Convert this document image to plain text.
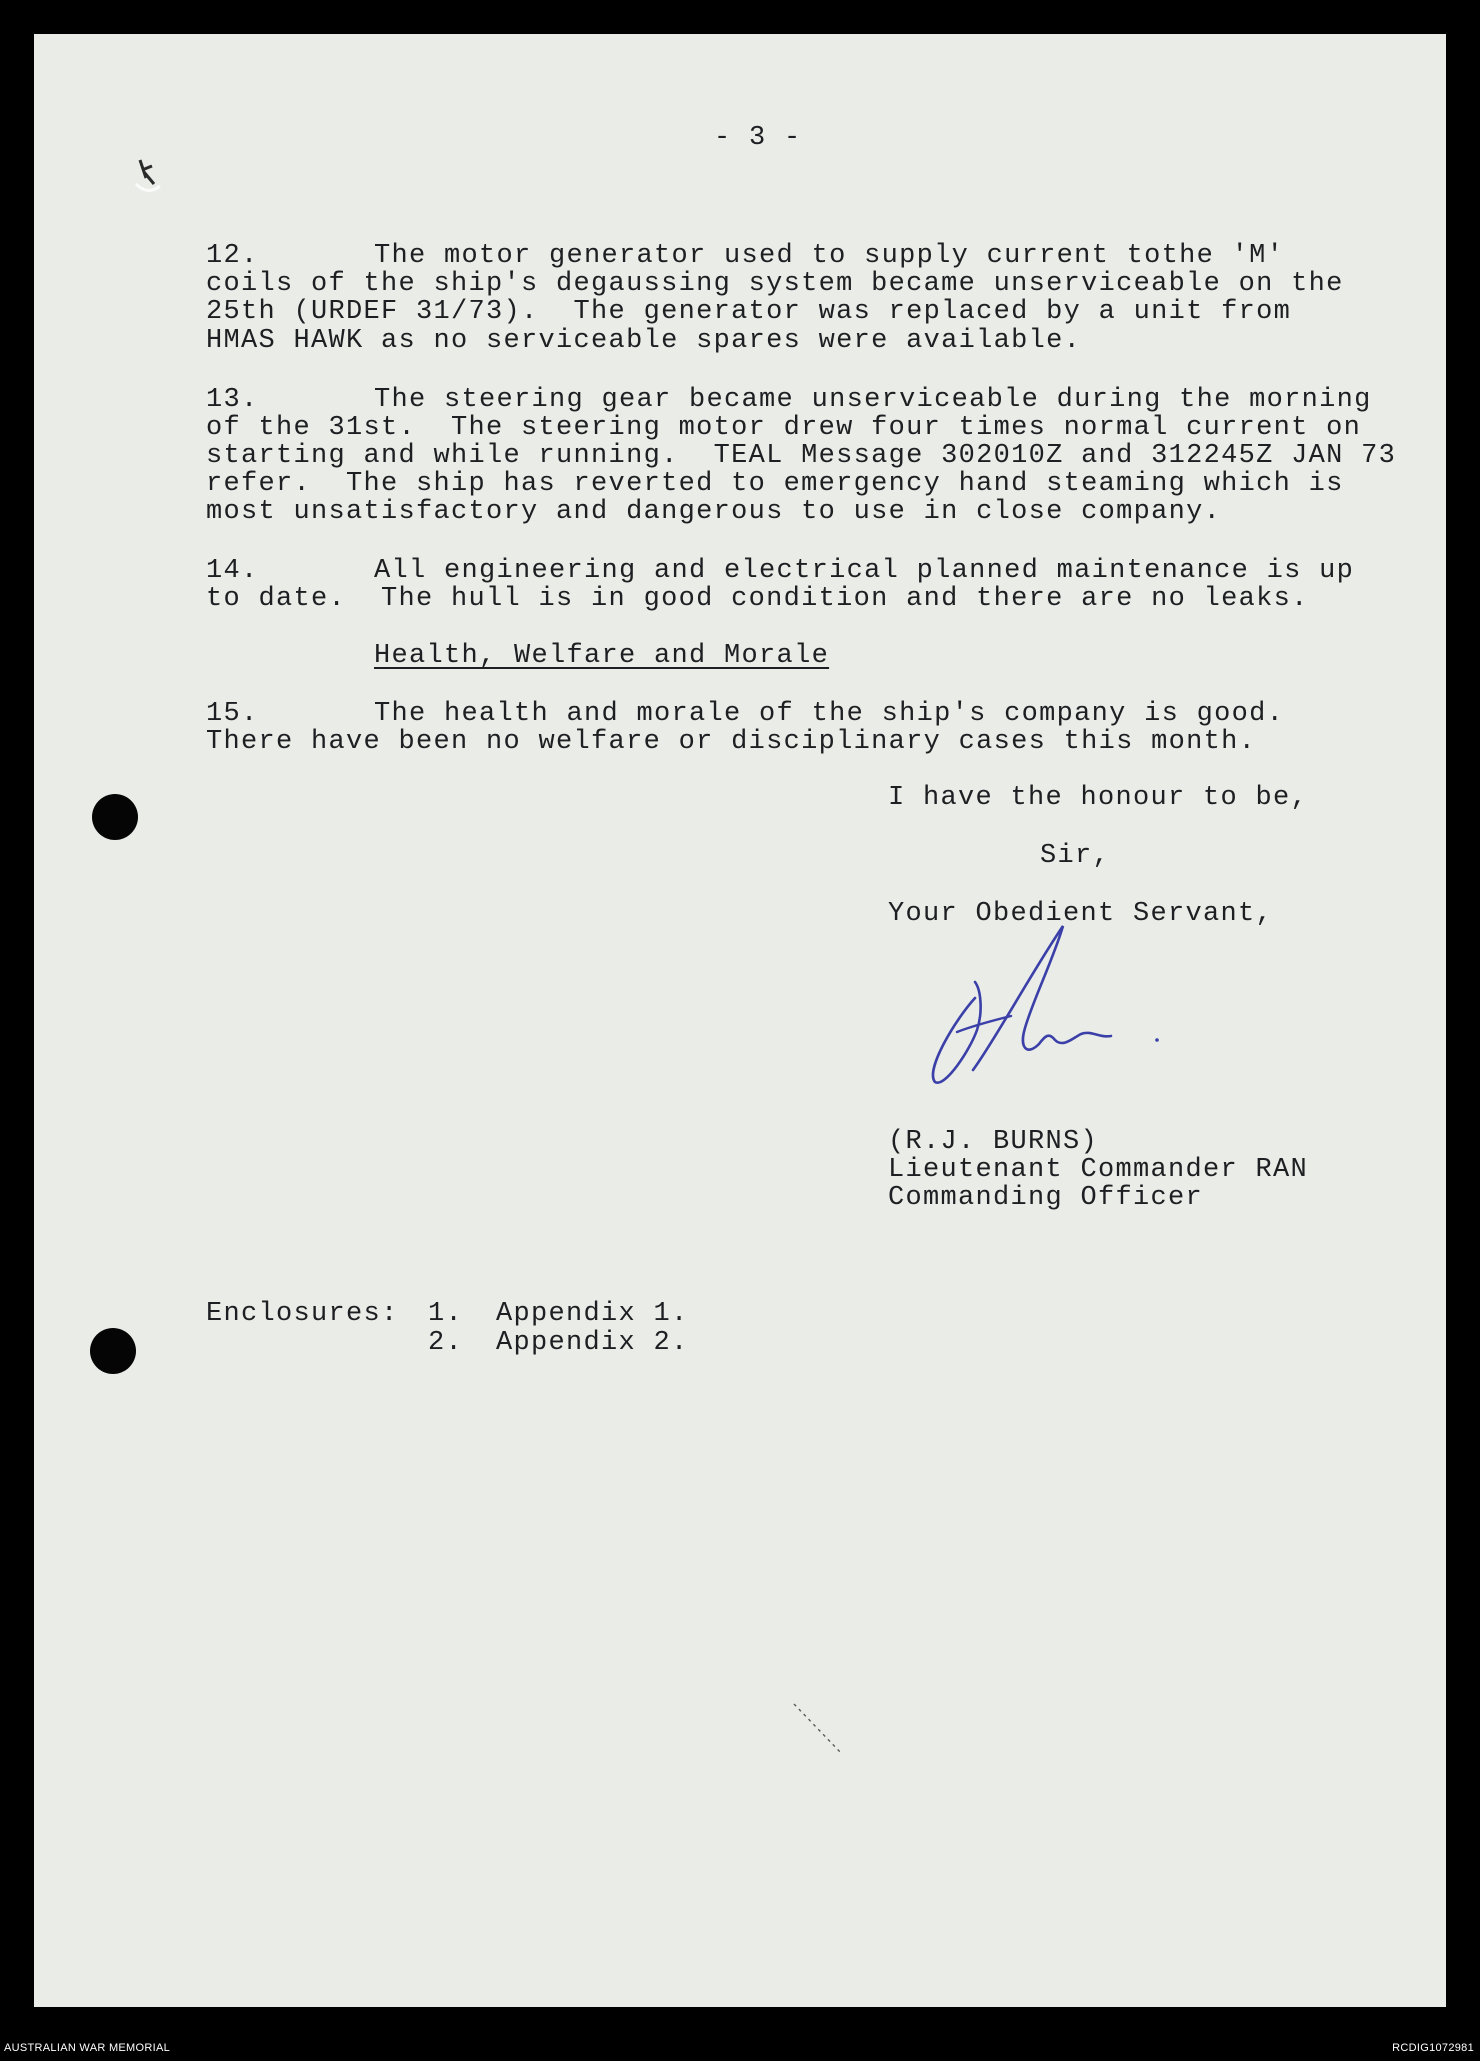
- 3 -
12.	The motor generator used to supply current tothe 'M'
coils of the ship's degaussing system became unserviceable on the
25th (URDEF 31/73).  The generator was replaced by a unit from
HMAS HAWK as no serviceable spares were available.
13.	The steering gear became unserviceable during the morning
of the 31st.  The steering motor drew four times normal current on
starting and while running.  TEAL Message 302010Z and 312245Z JAN 73
refer.  The ship has reverted to emergency hand steaming which is
most unsatisfactory and dangerous to use in close company.
14.	All engineering and electrical planned maintenance is up
to date.  The hull is in good condition and there are no leaks.
Health, Welfare and Morale
15.	The health and morale of the ship's company is good.
There have been no welfare or disciplinary cases this month.
I have the honour to be,
Sir,
Your Obedient Servant,
(R.J. BURNS)
Lieutenant Commander RAN
Commanding Officer
Enclosures: 1. Appendix 1.
2. Appendix 2.
AUSTRALIAN WAR MEMORIAL	RCDIG1072981
